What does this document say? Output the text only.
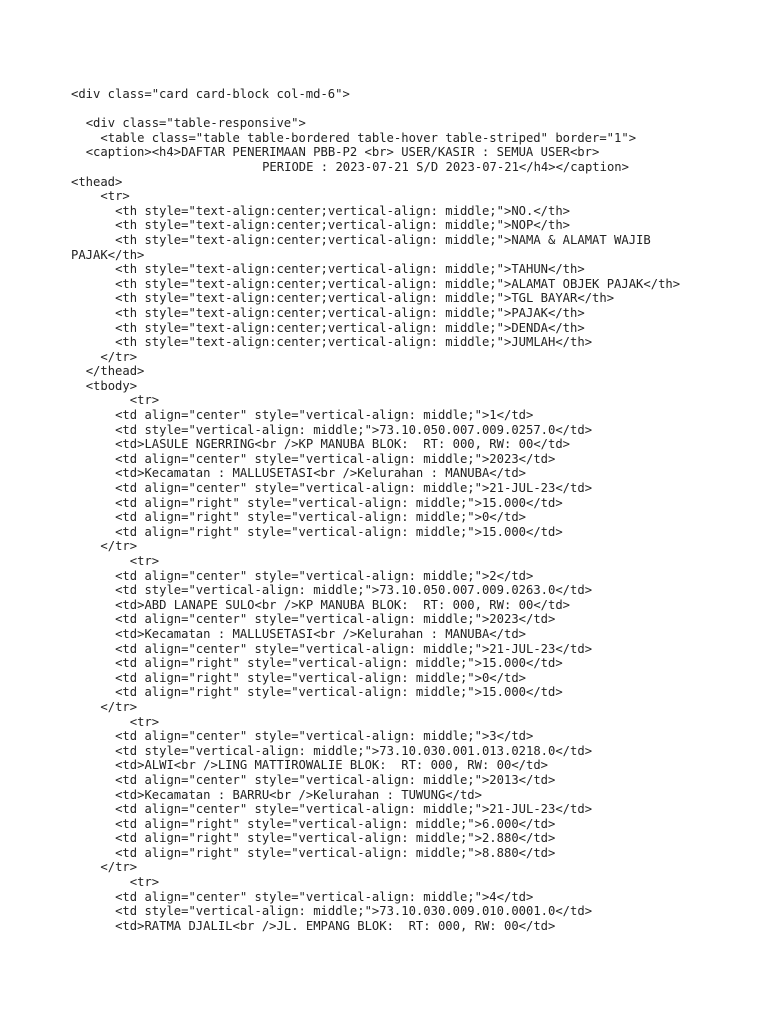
<div class="card card-block col-md-6">
<div class="table-responsive">
<table class="table table-bordered table-hover table-striped" border="1">
<caption><h4>DAFTAR PENERIMAAN PBB-P2 <br> USER/KASIR : SEMUA USER<br>
PERIODE : 2023-07-21 S/D 2023-07-21</h4></caption>
<thead>
<tr>
<th style="text-align:center;vertical-align: middle;">NO.</th>
<th style="text-align:center;vertical-align: middle;">NOP</th>
<th style="text-align:center;vertical-align: middle;">NAMA & ALAMAT WAJIB
PAJAK</th>
<th style="text-align:center;vertical-align: middle;">TAHUN</th>
<th style="text-align:center;vertical-align: middle;">ALAMAT OBJEK PAJAK</th>
<th style="text-align:center;vertical-align: middle;">TGL BAYAR</th>
<th style="text-align:center;vertical-align: middle;">PAJAK</th>
<th style="text-align:center;vertical-align: middle;">DENDA</th>
<th style="text-align:center;vertical-align: middle;">JUMLAH</th>
</tr>
</thead>
<tbody>
<tr>
<td align="center" style="vertical-align: middle;">1</td>
<td style="vertical-align: middle;">73.10.050.007.009.0257.0</td>
<td>LASULE NGERRING<br />KP MANUBA BLOK:  RT: 000, RW: 00</td>
<td align="center" style="vertical-align: middle;">2023</td>
<td>Kecamatan : MALLUSETASI<br />Kelurahan : MANUBA</td>
<td align="center" style="vertical-align: middle;">21-JUL-23</td>
<td align="right" style="vertical-align: middle;">15.000</td>
<td align="right" style="vertical-align: middle;">0</td>
<td align="right" style="vertical-align: middle;">15.000</td>
</tr>
<tr>
<td align="center" style="vertical-align: middle;">2</td>
<td style="vertical-align: middle;">73.10.050.007.009.0263.0</td>
<td>ABD LANAPE SULO<br />KP MANUBA BLOK:  RT: 000, RW: 00</td>
<td align="center" style="vertical-align: middle;">2023</td>
<td>Kecamatan : MALLUSETASI<br />Kelurahan : MANUBA</td>
<td align="center" style="vertical-align: middle;">21-JUL-23</td>
<td align="right" style="vertical-align: middle;">15.000</td>
<td align="right" style="vertical-align: middle;">0</td>
<td align="right" style="vertical-align: middle;">15.000</td>
</tr>
<tr>
<td align="center" style="vertical-align: middle;">3</td>
<td style="vertical-align: middle;">73.10.030.001.013.0218.0</td>
<td>ALWI<br />LING MATTIROWALIE BLOK:  RT: 000, RW: 00</td>
<td align="center" style="vertical-align: middle;">2013</td>
<td>Kecamatan : BARRU<br />Kelurahan : TUWUNG</td>
<td align="center" style="vertical-align: middle;">21-JUL-23</td>
<td align="right" style="vertical-align: middle;">6.000</td>
<td align="right" style="vertical-align: middle;">2.880</td>
<td align="right" style="vertical-align: middle;">8.880</td>
</tr>
<tr>
<td align="center" style="vertical-align: middle;">4</td>
<td style="vertical-align: middle;">73.10.030.009.010.0001.0</td>
<td>RATMA DJALIL<br />JL. EMPANG BLOK:  RT: 000, RW: 00</td>
